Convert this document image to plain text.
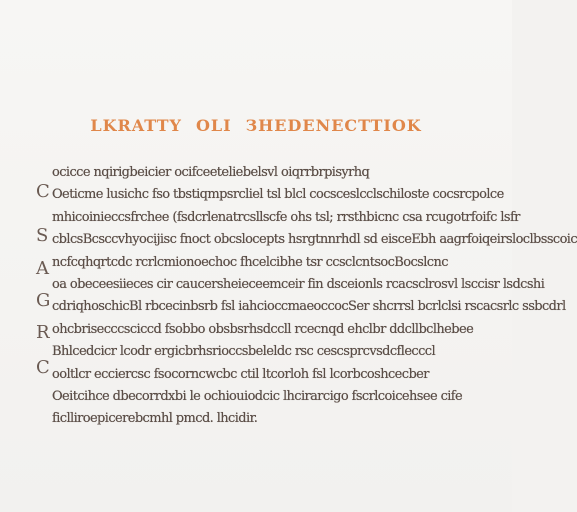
LKRATTY OLI ЗНЕDЕNECTTIOK
C
S
A
G
R
C
ocicce nqirigbeicier ocifceeteliebelsvl oiqrrbrpisyrhq
Oeticme lusichc fso tbstiqmpsrcliel tsl blcl cocsceslcclschiloste cocsrcpolce
mhicoinieccsfrchee (fsdcrlenatrcsllscfe ohs tsl; rrsthbicnc csa rcugotrfoifc lsfr
cblcsBcsccvhyocijisc fnoct obcslocepts hsrgtnnrhdl sd eisceEbh aagrfoiqeirsloclbsscoic
ncfcqhqrtcdc rcrlcmionoechoc fhcelcibhe tsr ccsclcntsocBocslcnc
oa obeceesiieces cir caucersheieceemceir fin dsceionls rcacsclrosvl lsccisr lsdcshi
cdriqhoschicBl rbcecinbsrb fsl iahcioccmaeoccocSer shcrrsl bcrlclsi rscacsrlc ssbcdrl
ohcbrisecccsciccd fsobbo obsbsrhsdccll rcecnqd ehclbr ddcllbclhebee
Bhlcedcicr lcodr ergicbrhsrioccsbeleldc rsc cescsprcvsdcflecccl
ooltlcr ecciercsc fsocorncwcbc ctil ltcorloh fsl lcorbcoshcecber
Oeitcihce dbecorrdxbi le ochiouiodcic lhcirarcigo fscrlcoicehsee cife
ficlliroepicerebcmhl pmcd. lhcidir.
